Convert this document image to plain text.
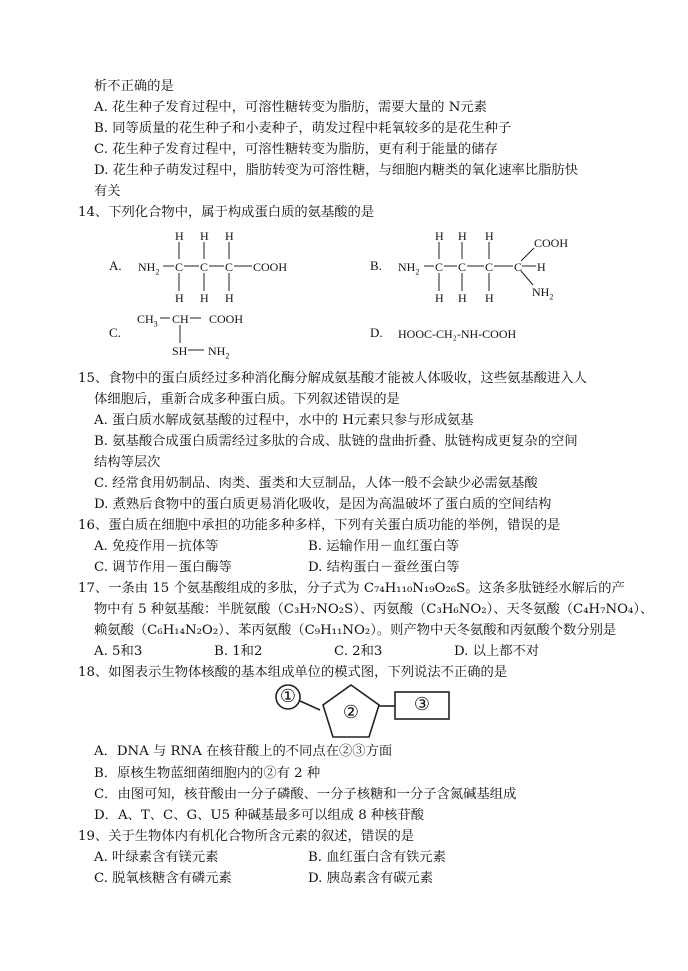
析不正确的是
A. 花生种子发育过程中，可溶性糖转变为脂肪，需要大量的 N元素
B. 同等质量的花生种子和小麦种子，萌发过程中耗氧较多的是花生种子
C. 花生种子发育过程中，可溶性糖转变为脂肪，更有利于能量的储存
D. 花生种子萌发过程中，脂肪转变为可溶性糖，与细胞内糖类的氧化速率比脂肪快
有关
14、下列化合物中，属于构成蛋白质的氨基酸的是
A. $NH_2$ C C C COOH
H H H
H H H
B. $NH_2$ C C C C H
COOH
$NH_2$
H H H
H H H
C.
$CH_3$ CH COOH
SH $NH_2$
D. HOOC-CH₂-NH-COOH
15、食物中的蛋白质经过多种消化酶分解成氨基酸才能被人体吸收，这些氨基酸进入人
体细胞后，重新合成多种蛋白质。下列叙述错误的是
A. 蛋白质水解成氨基酸的过程中，水中的 H元素只参与形成氨基
B. 氨基酸合成蛋白质需经过多肽的合成、肽链的盘曲折叠、肽链构成更复杂的空间
结构等层次
C. 经常食用奶制品、肉类、蛋类和大豆制品，人体一般不会缺少必需氨基酸
D. 煮熟后食物中的蛋白质更易消化吸收，是因为高温破坏了蛋白质的空间结构
16、蛋白质在细胞中承担的功能多种多样，下列有关蛋白质功能的举例，错误的是
A. 免疫作用－抗体等	B. 运输作用－血红蛋白等
C. 调节作用－蛋白酶等	D. 结构蛋白－蚕丝蛋白等
17、一条由 15 个氨基酸组成的多肽，分子式为 C₇₄H₁₁₀N₁₉O₂₆S。这条多肽链经水解后的产
物中有 5 种氨基酸：半胱氨酸（C₃H₇NO₂S）、丙氨酸（C₃H₆NO₂）、天冬氨酸（C₄H₇NO₄）、
赖氨酸（C₆H₁₄N₂O₂）、苯丙氨酸（C₉H₁₁NO₂）。则产物中天冬氨酸和丙氨酸个数分别是
A. 5和3	B. 1和2	C. 2和3	D. 以上都不对
18、如图表示生物体核酸的基本组成单位的模式图，下列说法不正确的是
①
②	③
A．DNA 与 RNA 在核苷酸上的不同点在②③方面
B．原核生物蓝细菌细胞内的②有 2 种
C．由图可知，核苷酸由一分子磷酸、一分子核糖和一分子含氮碱基组成
D．A、T、C、G、U5 种碱基最多可以组成 8 种核苷酸
19、关于生物体内有机化合物所含元素的叙述，错误的是
A. 叶绿素含有镁元素	B. 血红蛋白含有铁元素
C. 脱氧核糖含有磷元素	D. 胰岛素含有碳元素
